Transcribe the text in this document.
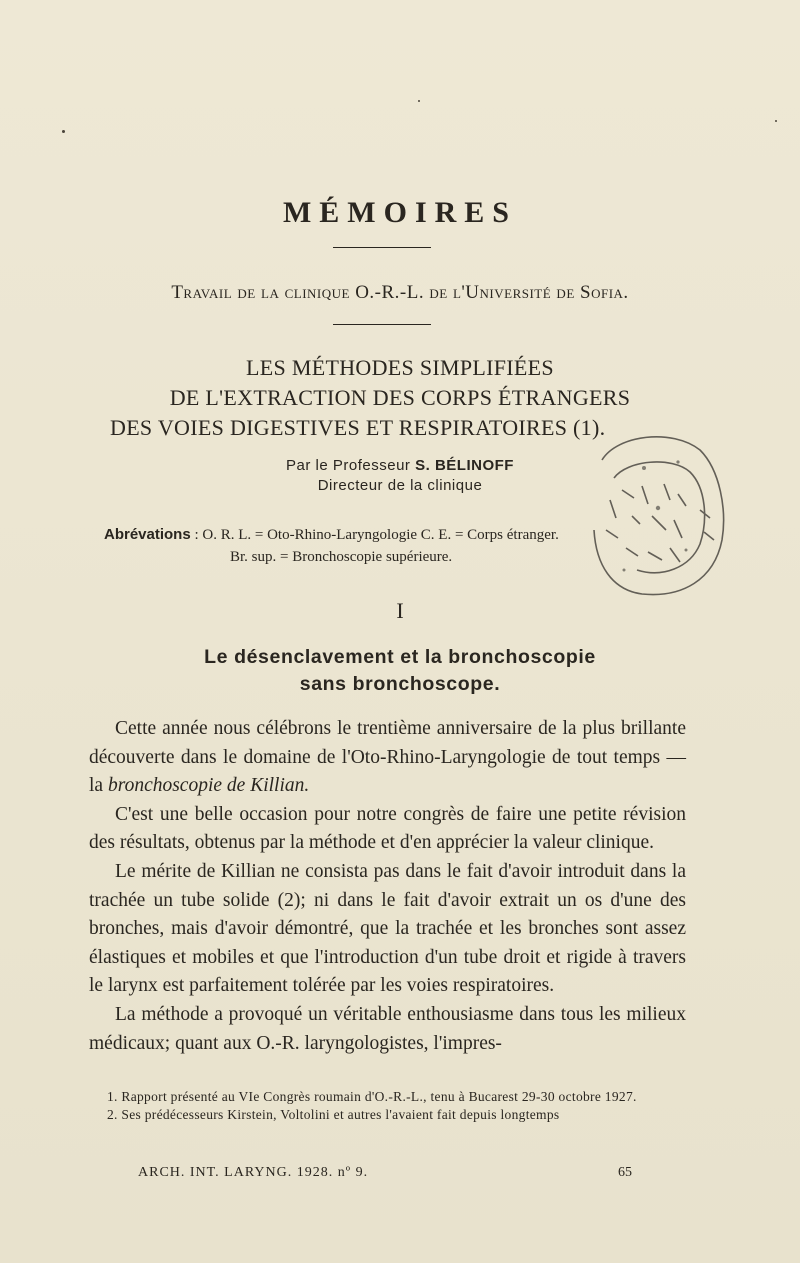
MÉMOIRES
Travail de la clinique O.-R.-L. de l'Université de Sofia.
LES MÉTHODES SIMPLIFIÉES
DE L'EXTRACTION DES CORPS ÉTRANGERS
DES VOIES DIGESTIVES ET RESPIRATOIRES (1).
Par le Professeur S. BÉLINOFF
Directeur de la clinique
Abrévations : O. R. L. = Oto-Rhino-Laryngologie C. E. = Corps étranger.
Br. sup. = Bronchoscopie supérieure.
I
Le désenclavement et la bronchoscopie
sans bronchoscope.

Cette année nous célébrons le trentième anniversaire de la plus brillante découverte dans le domaine de l'Oto-Rhino-Laryngologie de tout temps — la bronchoscopie de Killian.

C'est une belle occasion pour notre congrès de faire une petite révision des résultats, obtenus par la méthode et d'en apprécier la valeur clinique.

Le mérite de Killian ne consista pas dans le fait d'avoir introduit dans la trachée un tube solide (2); ni dans le fait d'avoir extrait un os d'une des bronches, mais d'avoir démontré, que la trachée et les bronches sont assez élastiques et mobiles et que l'introduction d'un tube droit et rigide à travers le larynx est parfaitement tolérée par les voies respiratoires.

La méthode a provoqué un véritable enthousiasme dans tous les milieux médicaux; quant aux O.-R. laryngologistes, l'impres-

1. Rapport présenté au VIe Congrès roumain d'O.-R.-L., tenu à Bucarest 29-30 octobre 1927.

2. Ses prédécesseurs Kirstein, Voltolini et autres l'avaient fait depuis longtemps

ARCH. INT. LARYNG. 1928. nº 9.	65
